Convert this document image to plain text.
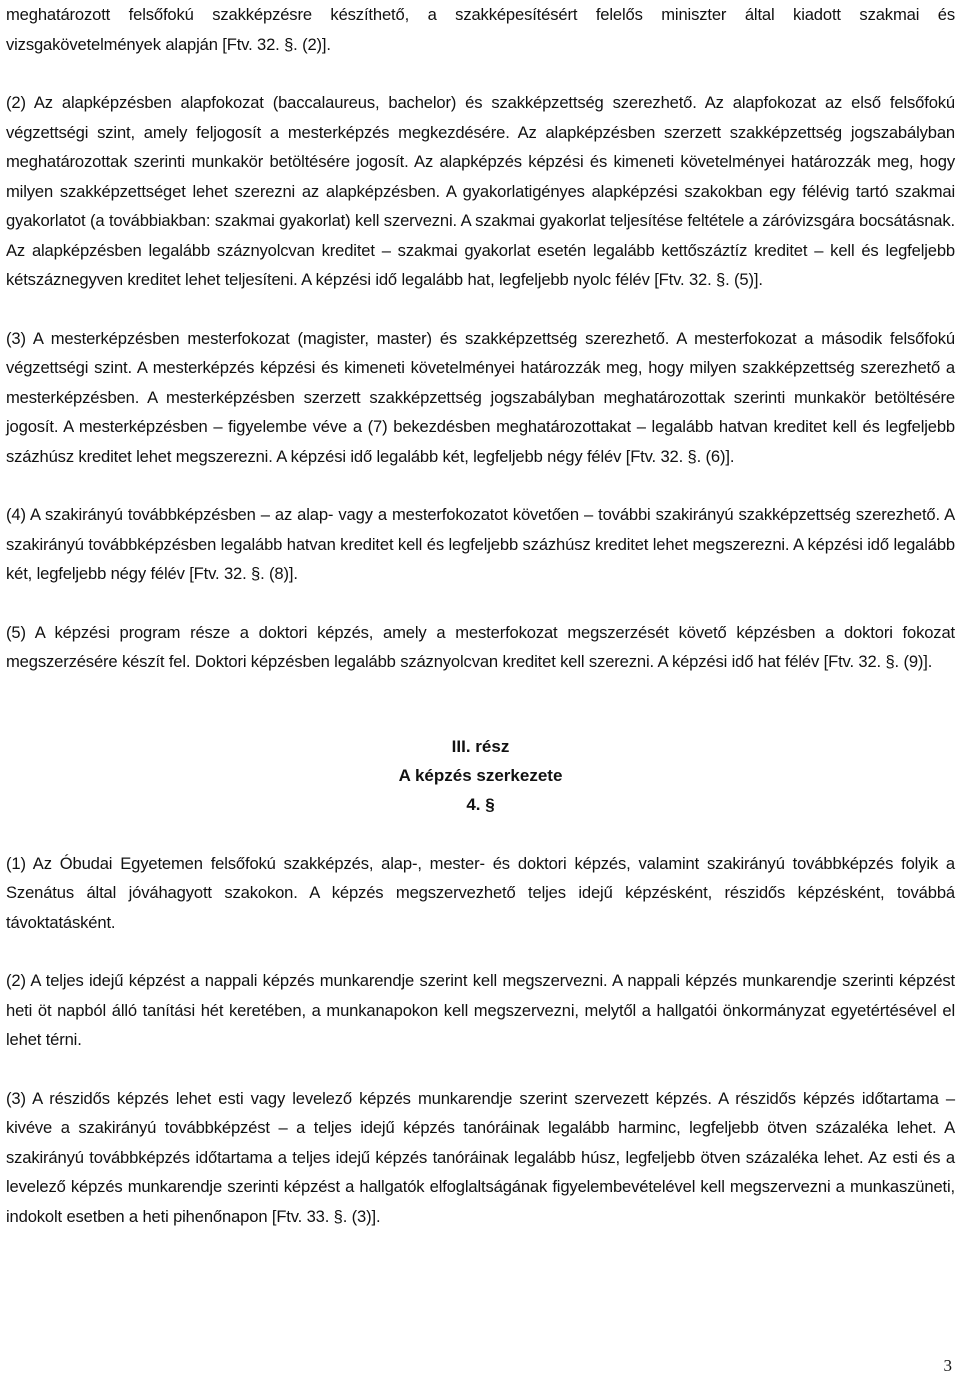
meghatározott felsőfokú szakképzésre készíthető, a szakképesítésért felelős miniszter által kiadott szakmai és vizsgakövetelmények alapján [Ftv. 32. §. (2)].

(2) Az alapképzésben alapfokozat (baccalaureus, bachelor) és szakképzettség szerezhető. Az alapfokozat az első felsőfokú végzettségi szint, amely feljogosít a mesterképzés megkezdésére. Az alapképzésben szerzett szakképzettség jogszabályban meghatározottak szerinti munkakör betöltésére jogosít. Az alapképzés képzési és kimeneti követelményei határozzák meg, hogy milyen szakképzettséget lehet szerezni az alapképzésben. A gyakorlatigényes alapképzési szakokban egy félévig tartó szakmai gyakorlatot (a továbbiakban: szakmai gyakorlat) kell szervezni. A szakmai gyakorlat teljesítése feltétele a záróvizsgára bocsátásnak. Az alapképzésben legalább száznyolcvan kreditet – szakmai gyakorlat esetén legalább kettőszáztíz kreditet – kell és legfeljebb kétszáznegyven kreditet lehet teljesíteni. A képzési idő legalább hat, legfeljebb nyolc félév [Ftv. 32. §. (5)].

(3) A mesterképzésben mesterfokozat (magister, master) és szakképzettség szerezhető. A mesterfokozat a második felsőfokú végzettségi szint. A mesterképzés képzési és kimeneti követelményei határozzák meg, hogy milyen szakképzettség szerezhető a mesterképzésben. A mesterképzésben szerzett szakképzettség jogszabályban meghatározottak szerinti munkakör betöltésére jogosít. A mesterképzésben – figyelembe véve a (7) bekezdésben meghatározottakat – legalább hatvan kreditet kell és legfeljebb százhúsz kreditet lehet megszerezni. A képzési idő legalább két, legfeljebb négy félév [Ftv. 32. §. (6)].

(4) A szakirányú továbbképzésben – az alap- vagy a mesterfokozatot követően – további szakirányú szakképzettség szerezhető. A szakirányú továbbképzésben legalább hatvan kreditet kell és legfeljebb százhúsz kreditet lehet megszerezni. A képzési idő legalább két, legfeljebb négy félév [Ftv. 32. §. (8)].

(5) A képzési program része a doktori képzés, amely a mesterfokozat megszerzését követő képzésben a doktori fokozat megszerzésére készít fel. Doktori képzésben legalább száznyolcvan kreditet kell szerezni. A képzési idő hat félév [Ftv. 32. §. (9)].

III. rész

A képzés szerkezete

4. §

(1) Az Óbudai Egyetemen felsőfokú szakképzés, alap-, mester- és doktori képzés, valamint szakirányú továbbképzés folyik a Szenátus által jóváhagyott szakokon. A képzés megszervezhető teljes idejű képzésként, részidős képzésként, továbbá távoktatásként.

(2) A teljes idejű képzést a nappali képzés munkarendje szerint kell megszervezni. A nappali képzés munkarendje szerinti képzést heti öt napból álló tanítási hét keretében, a munkanapokon kell megszervezni, melytől a hallgatói önkormányzat egyetértésével el lehet térni.

(3) A részidős képzés lehet esti vagy levelező képzés munkarendje szerint szervezett képzés. A részidős képzés időtartama – kivéve a szakirányú továbbképzést – a teljes idejű képzés tanóráinak legalább harminc, legfeljebb ötven százaléka lehet. A szakirányú továbbképzés időtartama a teljes idejű képzés tanóráinak legalább húsz, legfeljebb ötven százaléka lehet. Az esti és a levelező képzés munkarendje szerinti képzést a hallgatók elfoglaltságának figyelembevételével kell megszervezni a munkaszüneti, indokolt esetben a heti pihenőnapon [Ftv. 33. §. (3)].

3
